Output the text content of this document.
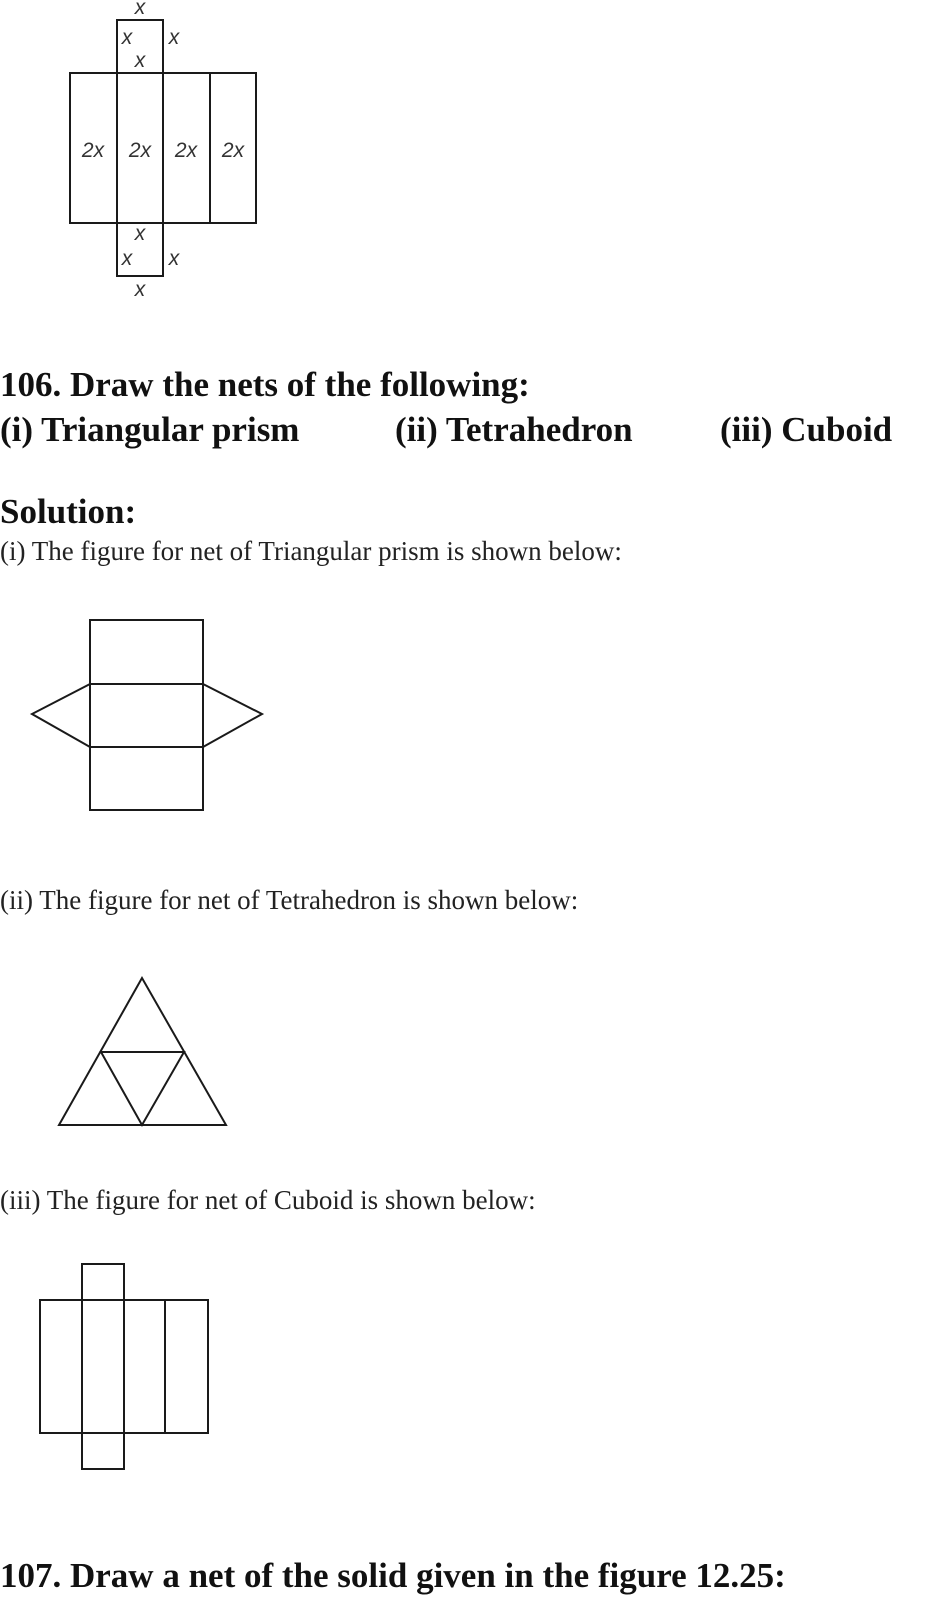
x
x x
x
2x 2x 2x 2x
x
x x
x
106. Draw the nets of the following:
(i) Triangular prism	(ii) Tetrahedron (iii) Cuboid
Solution:

(i) The figure for net of Triangular prism is shown below:

(ii) The figure for net of Tetrahedron is shown below:

(iii) The figure for net of Cuboid is shown below:

107. Draw a net of the solid given in the figure 12.25:
